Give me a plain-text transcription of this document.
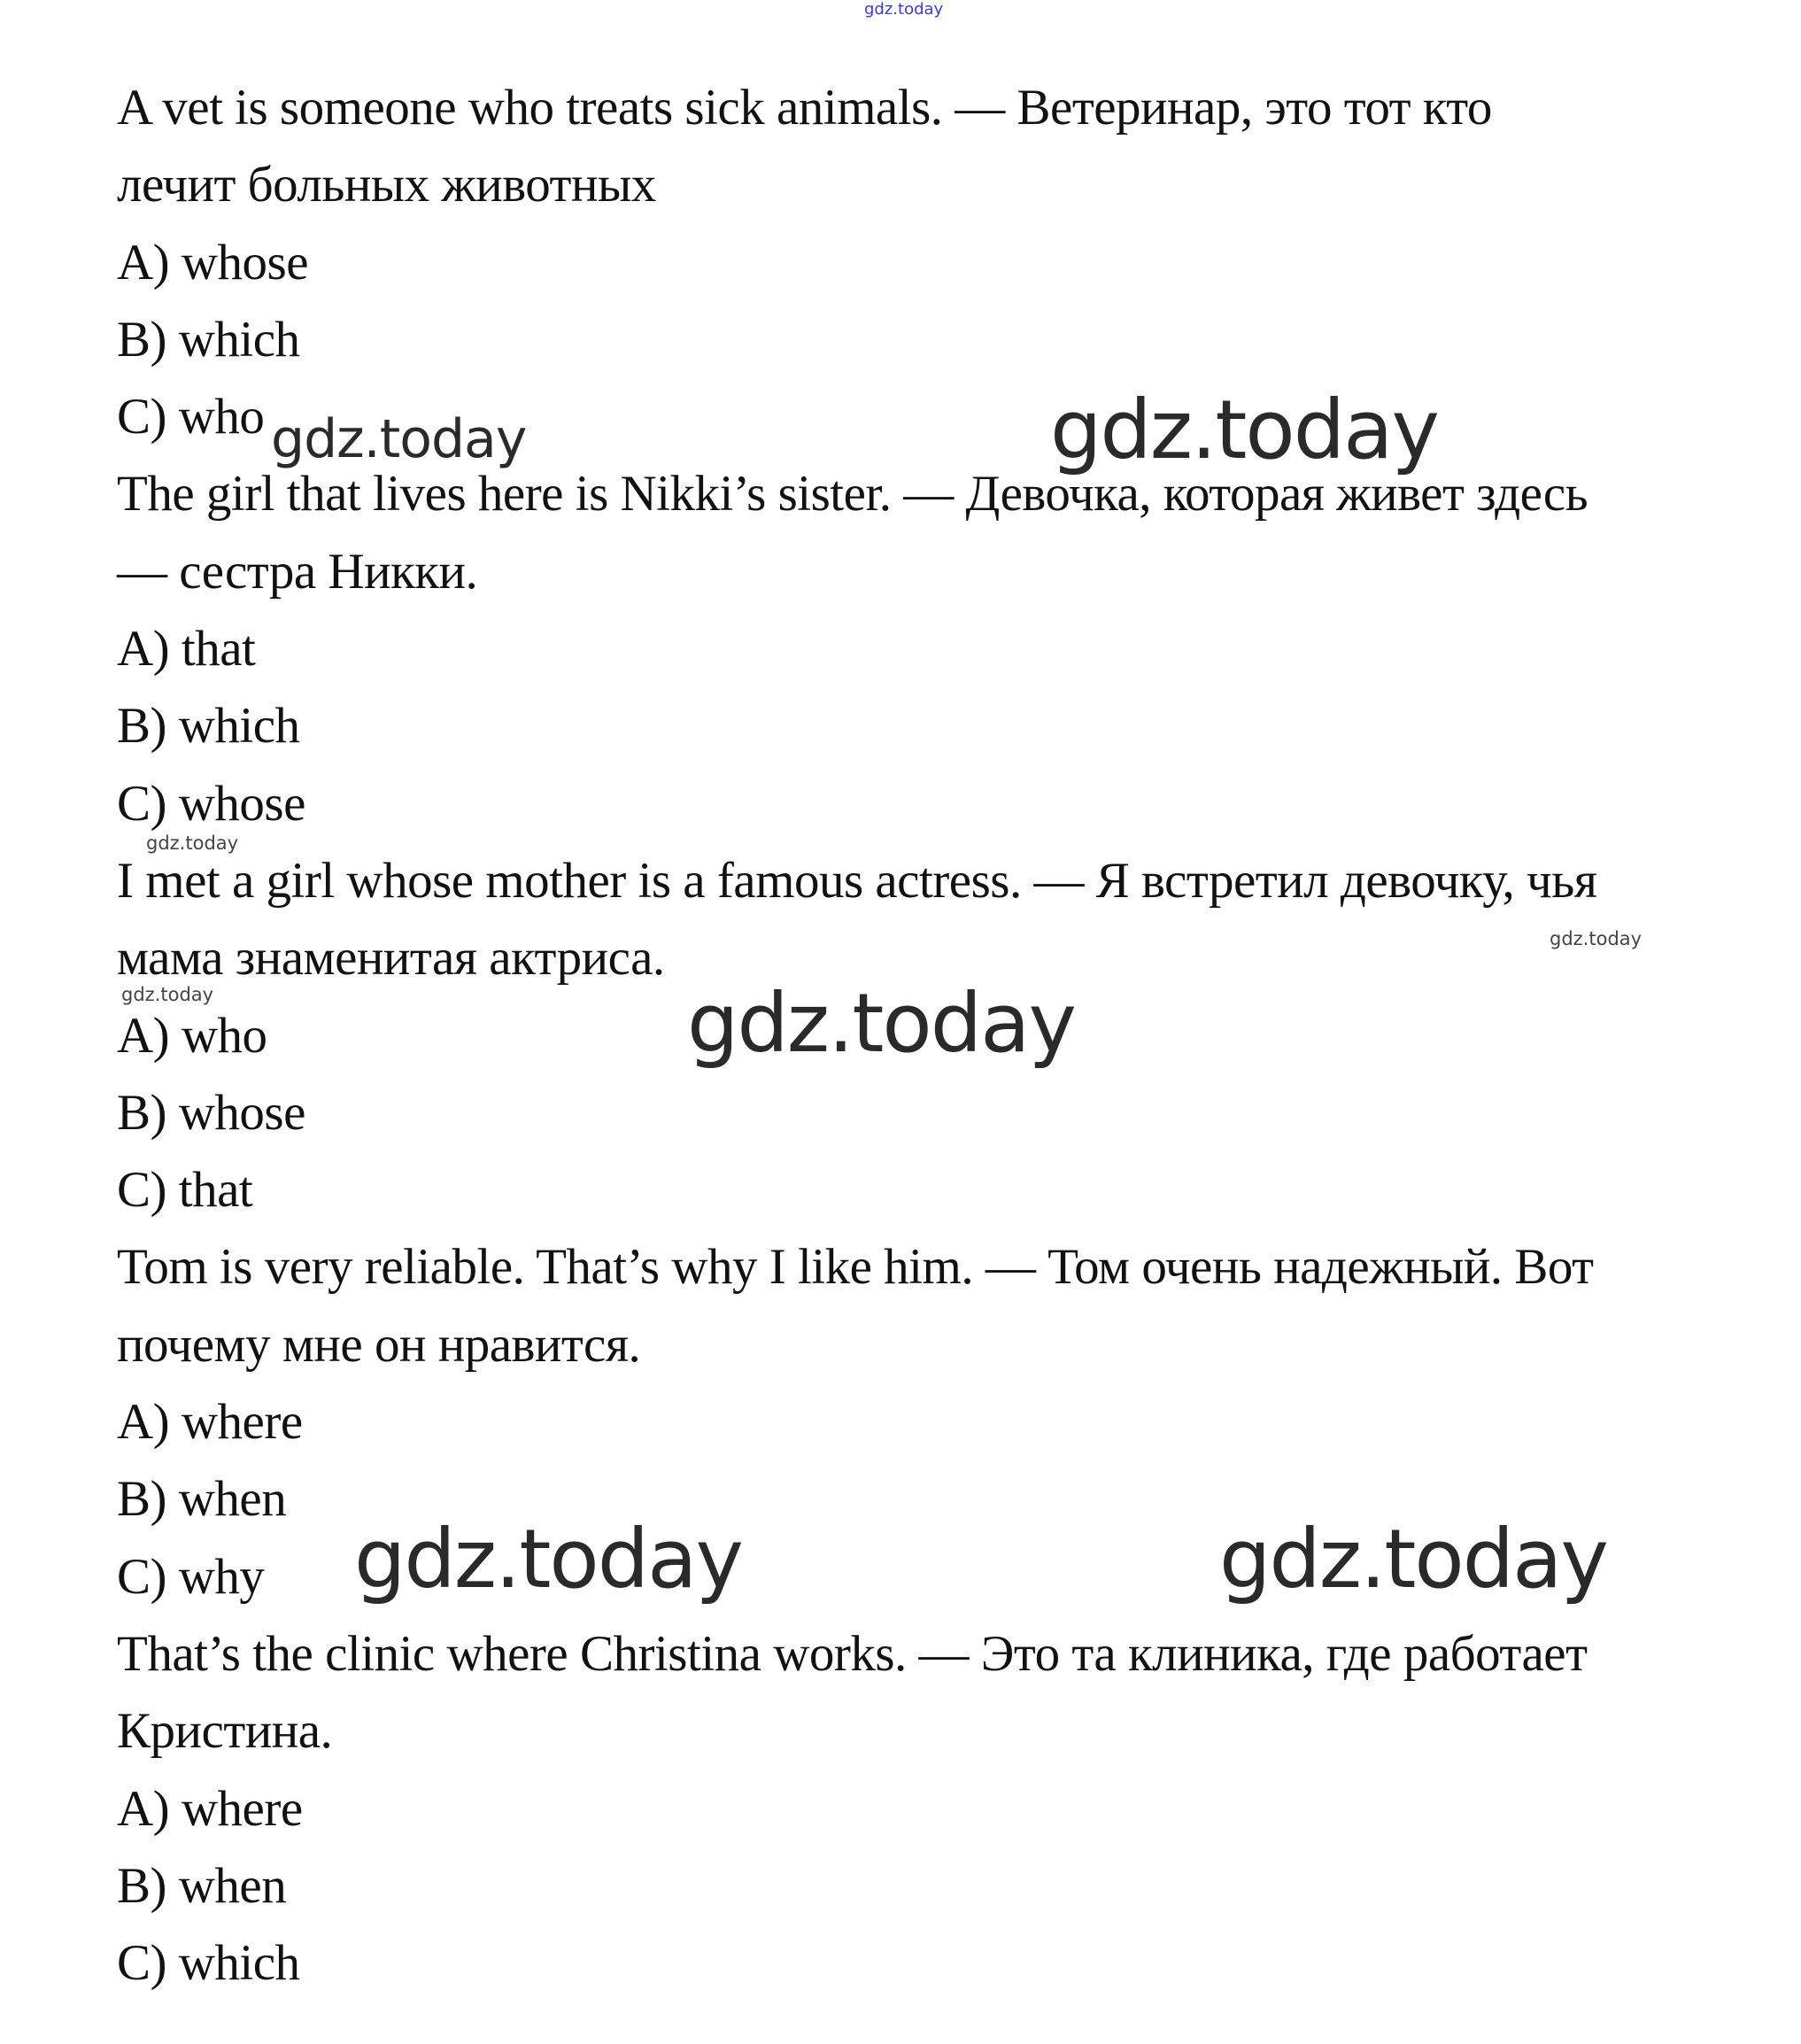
A vet is someone who treats sick animals. — Ветеринар, это тот кто
лечит больных животных
A) whose
B) which
C) who
The girl that lives here is Nikki’s sister. — Девочка, которая живет здесь
— сестра Никки.
A) that
B) which
C) whose
I met a girl whose mother is a famous actress. — Я встретил девочку, чья
мама знаменитая актриса.
A) who
B) whose
C) that
Tom is very reliable. That’s why I like him. — Том очень надежный. Вот
почему мне он нравится.
A) where
B) when
C) why
That’s the clinic where Christina works. — Это та клиника, где работает
Кристина.
A) where
B) when
C) which
gdz.today
gdz.today	gdz.today
gdz.today
gdz.today
gdz.today	gdz.today
gdz.today	gdz.today
